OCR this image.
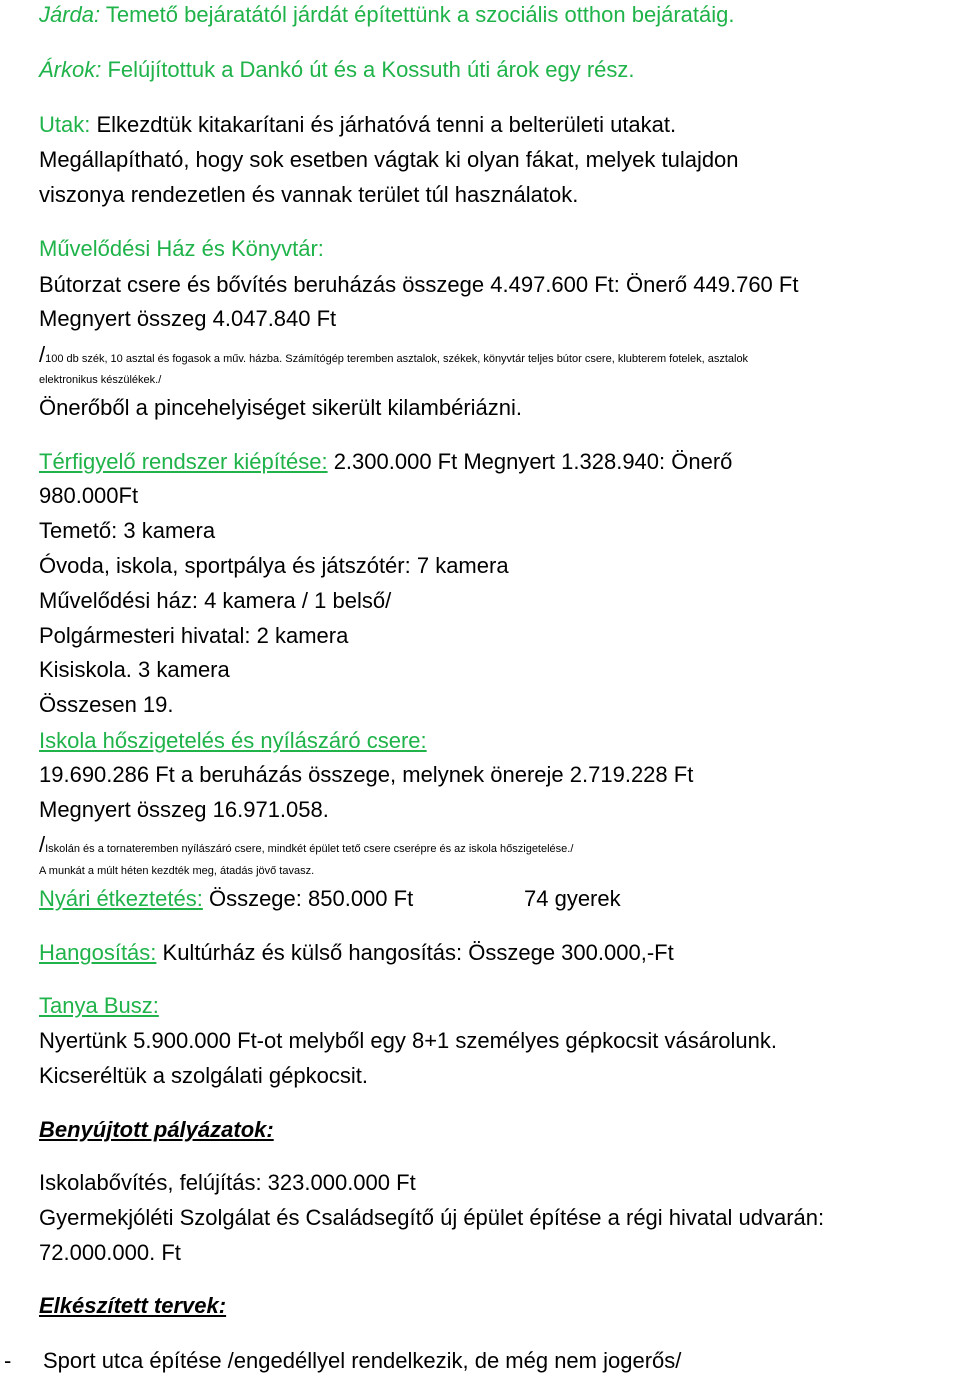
Járda: Temető bejáratától járdát építettünk a szociális otthon bejáratáig.
Árkok: Felújítottuk a Dankó út és a Kossuth úti árok egy rész.
Utak: Elkezdtük kitakarítani és járhatóvá tenni a belterületi utakat.
Megállapítható, hogy sok esetben vágtak ki olyan fákat, melyek tulajdon
viszonya rendezetlen és vannak terület túl használatok.
Művelődési Ház és Könyvtár:
Bútorzat csere és bővítés beruházás összege 4.497.600 Ft: Önerő 449.760 Ft
Megnyert összeg 4.047.840 Ft
/100 db szék, 10 asztal és fogasok a műv. házba. Számítógép teremben asztalok, székek, könyvtár teljes bútor csere, klubterem fotelek, asztalok
elektronikus készülékek./
Önerőből a pincehelyiséget sikerült kilambériázni.
Térfigyelő rendszer kiépítése: 2.300.000 Ft Megnyert 1.328.940: Önerő
980.000Ft
Temető: 3 kamera
Óvoda, iskola, sportpálya és játszótér: 7 kamera
Művelődési ház: 4 kamera / 1 belső/
Polgármesteri hivatal: 2 kamera
Kisiskola. 3 kamera
Összesen 19.
Iskola hőszigetelés és nyílászáró csere:
19.690.286 Ft a beruházás összege, melynek önereje 2.719.228 Ft
Megnyert összeg 16.971.058.
/Iskolán és a tornateremben nyílászáró csere, mindkét épület tető csere cserépre és az iskola hőszigetelése./
A munkát a múlt héten kezdték meg, átadás jövő tavasz.
Nyári étkeztetés: Összege: 850.000 Ft	74 gyerek
Hangosítás: Kultúrház és külső hangosítás: Összege 300.000,-Ft
Tanya Busz:
Nyertünk 5.900.000 Ft-ot melyből egy 8+1 személyes gépkocsit vásárolunk.
Kicseréltük a szolgálati gépkocsit.
Benyújtott pályázatok:
Iskolabővítés, felújítás: 323.000.000 Ft
Gyermekjóléti Szolgálat és Családsegítő új épület építése a régi hivatal udvarán:
72.000.000. Ft
Elkészített tervek:
- Sport utca építése /engedéllyel rendelkezik, de még nem jogerős/
